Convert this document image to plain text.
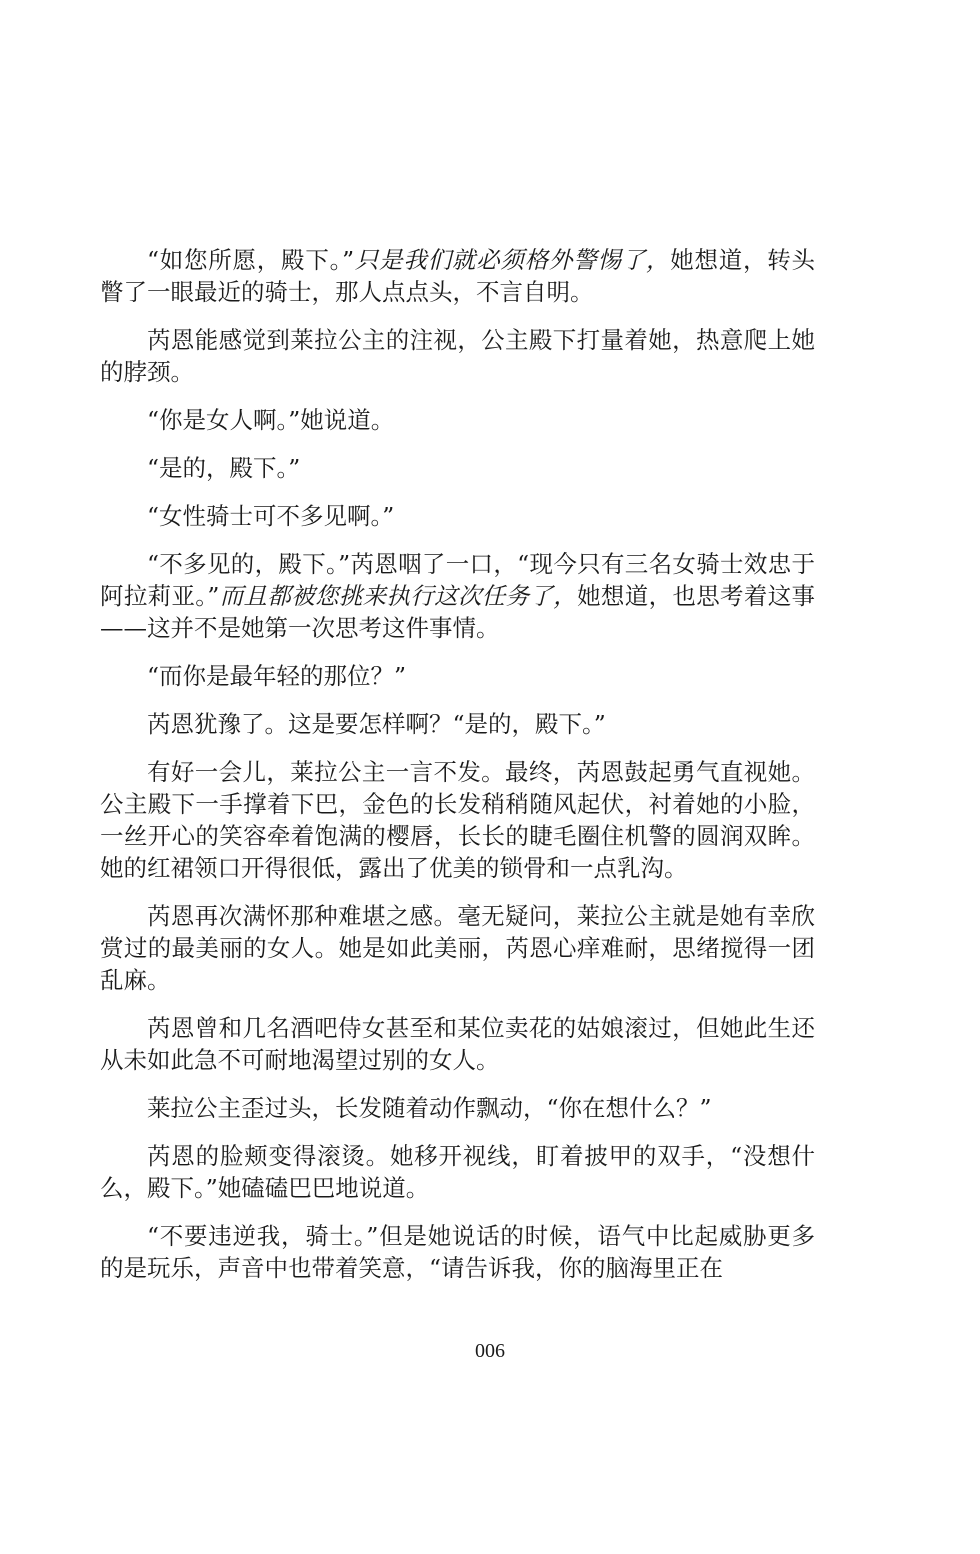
“如您所愿，殿下。”只是我们就必须格外警惕了，她想道，转头瞥了一眼最近的骑士，那人点点头，不言自明。

芮恩能感觉到莱拉公主的注视，公主殿下打量着她，热意爬上她的脖颈。

“你是女人啊。”她说道。

“是的，殿下。”

“女性骑士可不多见啊。”

“不多见的，殿下。”芮恩咽了一口，“现今只有三名女骑士效忠于阿拉莉亚。”而且都被您挑来执行这次任务了，她想道，也思考着这事——这并不是她第一次思考这件事情。

“而你是最年轻的那位？”

芮恩犹豫了。这是要怎样啊？“是的，殿下。”

有好一会儿，莱拉公主一言不发。最终，芮恩鼓起勇气直视她。公主殿下一手撑着下巴，金色的长发稍稍随风起伏，衬着她的小脸，一丝开心的笑容牵着饱满的樱唇，长长的睫毛圈住机警的圆润双眸。她的红裙领口开得很低，露出了优美的锁骨和一点乳沟。

芮恩再次满怀那种难堪之感。毫无疑问，莱拉公主就是她有幸欣赏过的最美丽的女人。她是如此美丽，芮恩心痒难耐，思绪搅得一团乱麻。

芮恩曾和几名酒吧侍女甚至和某位卖花的姑娘滚过，但她此生还从未如此急不可耐地渴望过别的女人。

莱拉公主歪过头，长发随着动作飘动，“你在想什么？”

芮恩的脸颊变得滚烫。她移开视线，盯着披甲的双手，“没想什么，殿下。”她磕磕巴巴地说道。

“不要违逆我，骑士。”但是她说话的时候，语气中比起威胁更多的是玩乐，声音中也带着笑意，“请告诉我，你的脑海里正在

006
